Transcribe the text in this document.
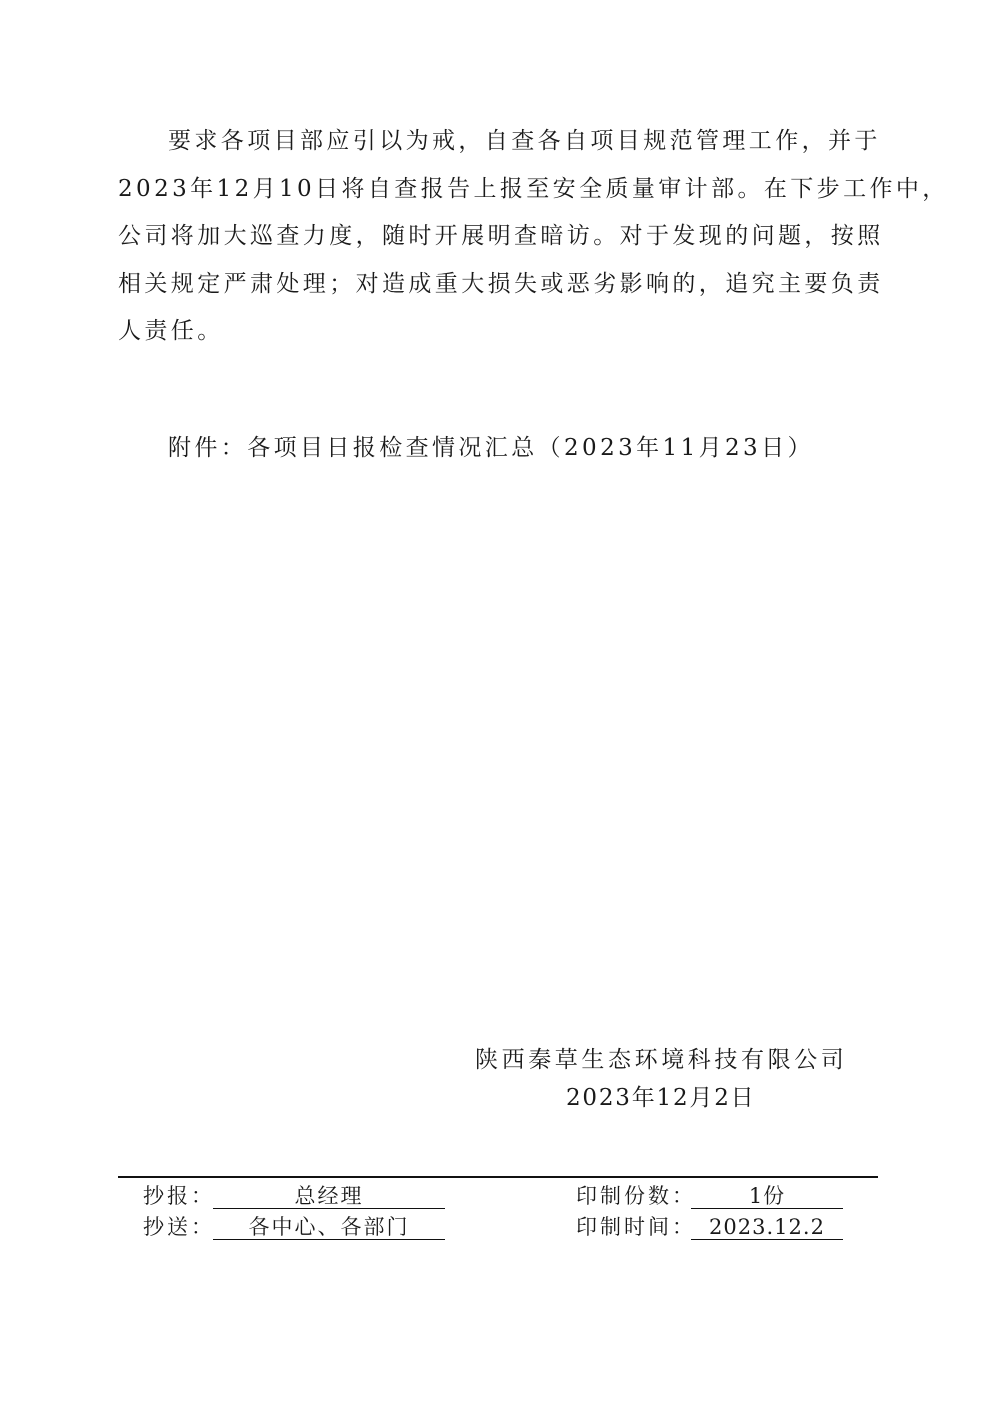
要求各项目部应引以为戒，自查各自项目规范管理工作，并于
2023年12月10日将自查报告上报至安全质量审计部。在下步工作中，
公司将加大巡查力度，随时开展明查暗访。对于发现的问题，按照
相关规定严肃处理；对造成重大损失或恶劣影响的，追究主要负责
人责任。
附件：各项目日报检查情况汇总（2023年11月23日）
陕西秦草生态环境科技有限公司
2023年12月2日
抄报：	总经理	印制份数：	1份
抄送：	各中心、各部门	印制时间： 2023.12.2
